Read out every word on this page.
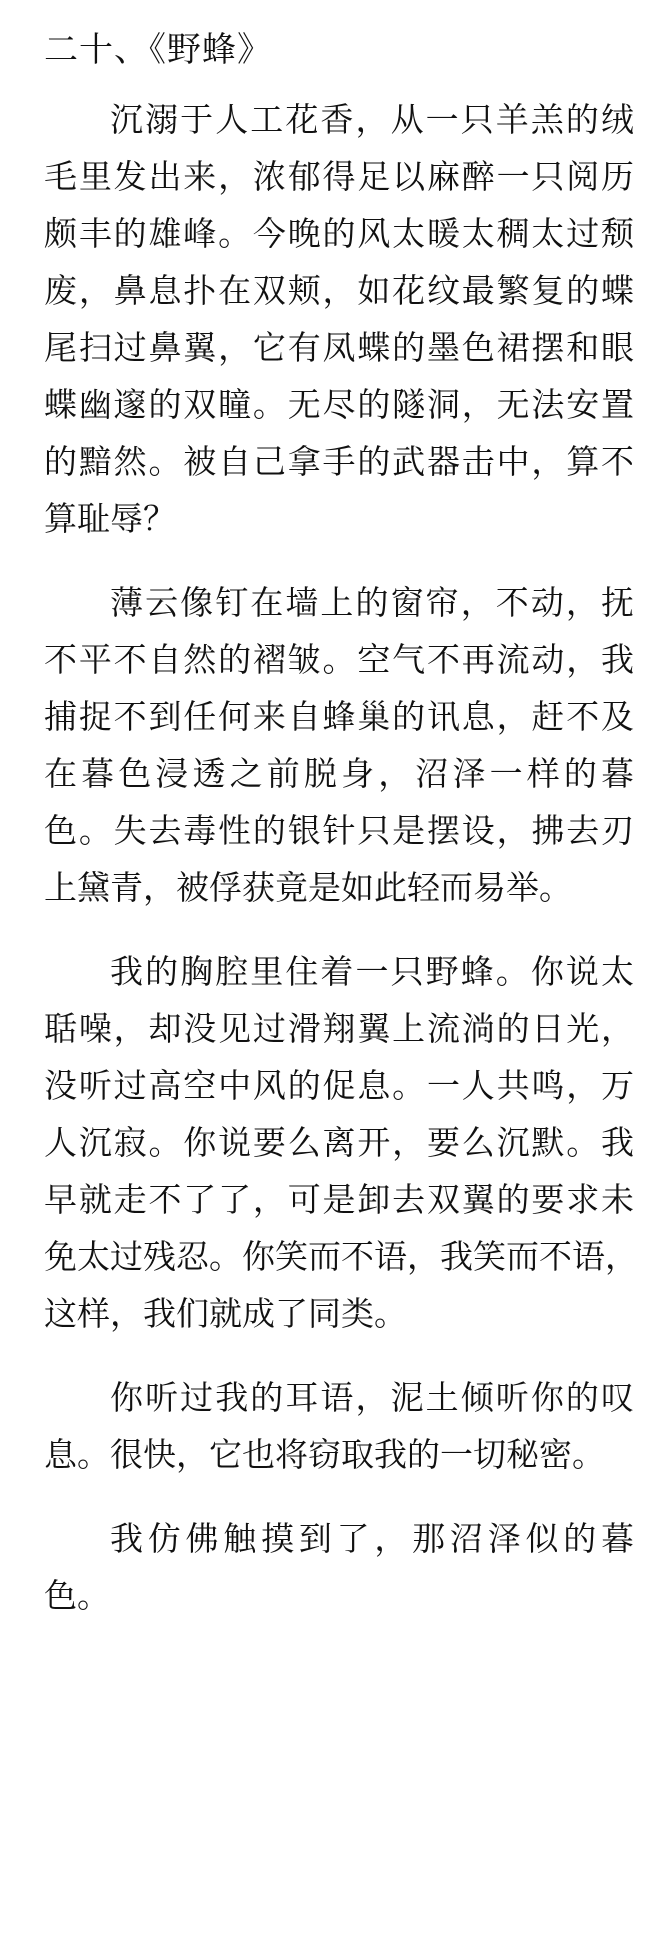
二十、《野蜂》
沉溺于人工花香，从一只羊羔的绒
毛里发出来，浓郁得足以麻醉一只阅历
颇丰的雄峰。今晚的风太暖太稠太过颓
废，鼻息扑在双颊，如花纹最繁复的蝶
尾扫过鼻翼，它有凤蝶的墨色裙摆和眼
蝶幽邃的双瞳。无尽的隧洞，无法安置
的黯然。被自己拿手的武器击中，算不
算耻辱？
薄云像钉在墙上的窗帘，不动，抚
不平不自然的褶皱。空气不再流动，我
捕捉不到任何来自蜂巢的讯息，赶不及
在暮色浸透之前脱身，沼泽一样的暮
色。失去毒性的银针只是摆设，拂去刃
上黛青，被俘获竟是如此轻而易举。
我的胸腔里住着一只野蜂。你说太
聒噪，却没见过滑翔翼上流淌的日光，
没听过高空中风的促息。一人共鸣，万
人沉寂。你说要么离开，要么沉默。我
早就走不了了，可是卸去双翼的要求未
免太过残忍。你笑而不语，我笑而不语，
这样，我们就成了同类。
你听过我的耳语，泥土倾听你的叹
息。很快，它也将窃取我的一切秘密。
我仿佛触摸到了，那沼泽似的暮
色。
